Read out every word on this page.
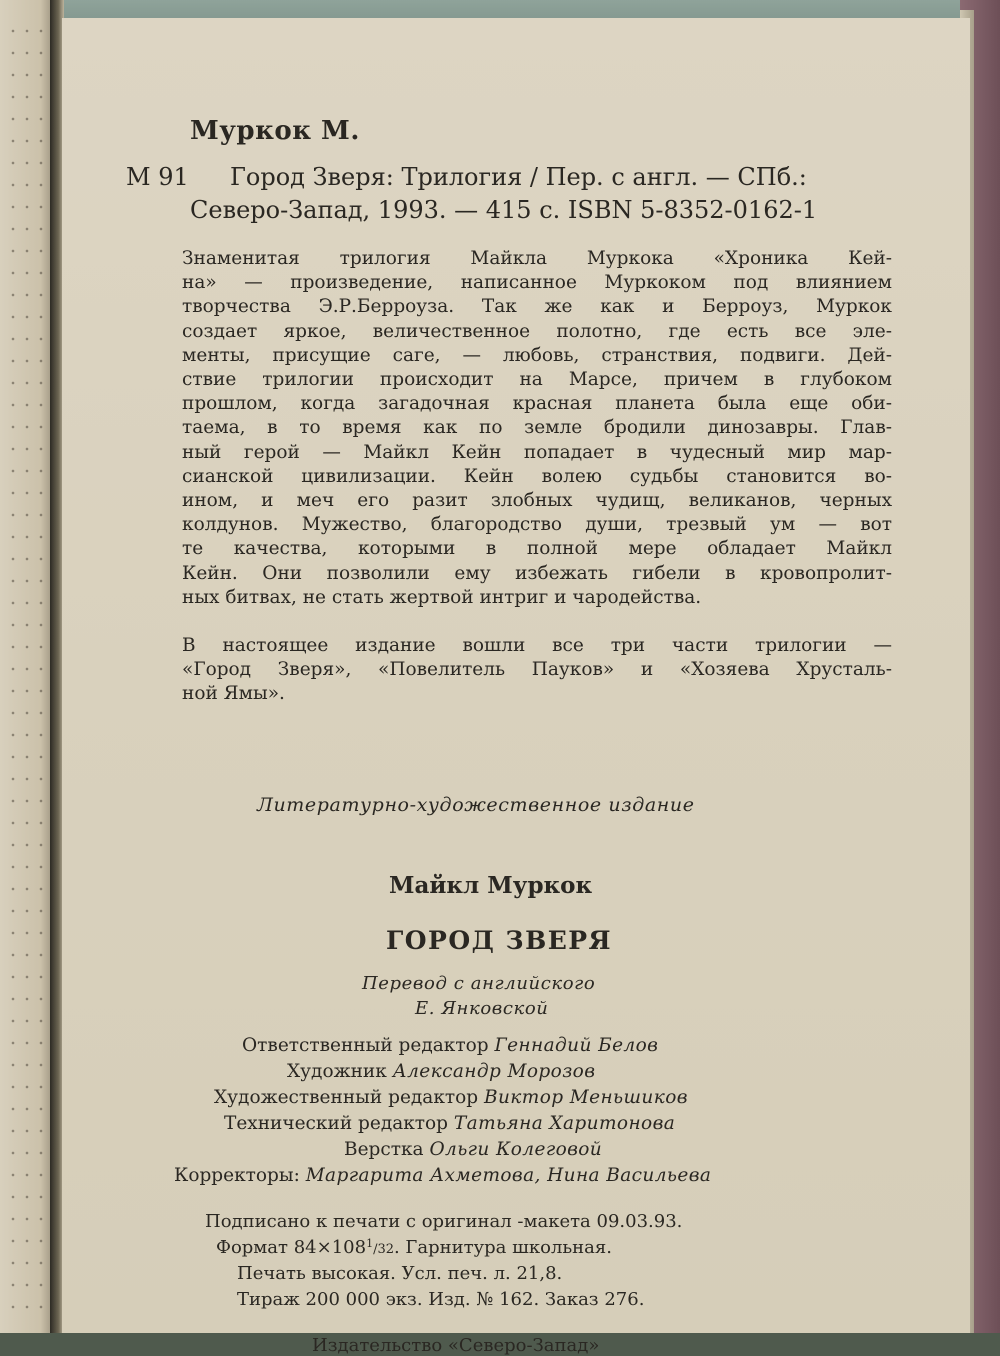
Муркок М.
М 91 Город Зверя: Трилогия / Пер. с англ. — СПб.:
Северо-Запад, 1993. — 415 с. ISBN 5-8352-0162-1
Знаменитая трилогия Майкла Муркока «Хроника Кей-
на» — произведение, написанное Муркоком под влиянием
творчества Э.Р.Берроуза. Так же как и Берроуз, Муркок
создает яркое, величественное полотно, где есть все эле-
менты, присущие саге, — любовь, странствия, подвиги. Дей-
ствие трилогии происходит на Марсе, причем в глубоком
прошлом, когда загадочная красная планета была еще оби-
таема, в то время как по земле бродили динозавры. Глав-
ный герой — Майкл Кейн попадает в чудесный мир мар-
сианской цивилизации. Кейн волею судьбы становится во-
ином, и меч его разит злобных чудищ, великанов, черных
колдунов. Мужество, благородство души, трезвый ум — вот
те качества, которыми в полной мере обладает Майкл
Кейн. Они позволили ему избежать гибели в кровопролит-
ных битвах, не стать жертвой интриг и чародейства.
В настоящее издание вошли все три части трилогии —
«Город Зверя», «Повелитель Пауков» и «Хозяева Хрусталь-
ной Ямы».
Литературно-художественное издание
Майкл Муркок
ГОРОД ЗВЕРЯ
Перевод с английского
Е. Янковской
Ответственный редактор Геннадий Белов
Художник Александр Морозов
Художественный редактор Виктор Меньшиков
Технический редактор Татьяна Харитонова
Верстка Ольги Колеговой
Корректоры: Маргарита Ахметова, Нина Васильева
Подписано к печати с оригинал -макета 09.03.93.
Формат $84\times 108^1/32$. Гарнитура школьная.
Печать высокая. Усл. печ. л. 21,8.
Тираж 200 000 экз. Изд. № 162. Заказ 276.
Издательство «Северо-Запад»
